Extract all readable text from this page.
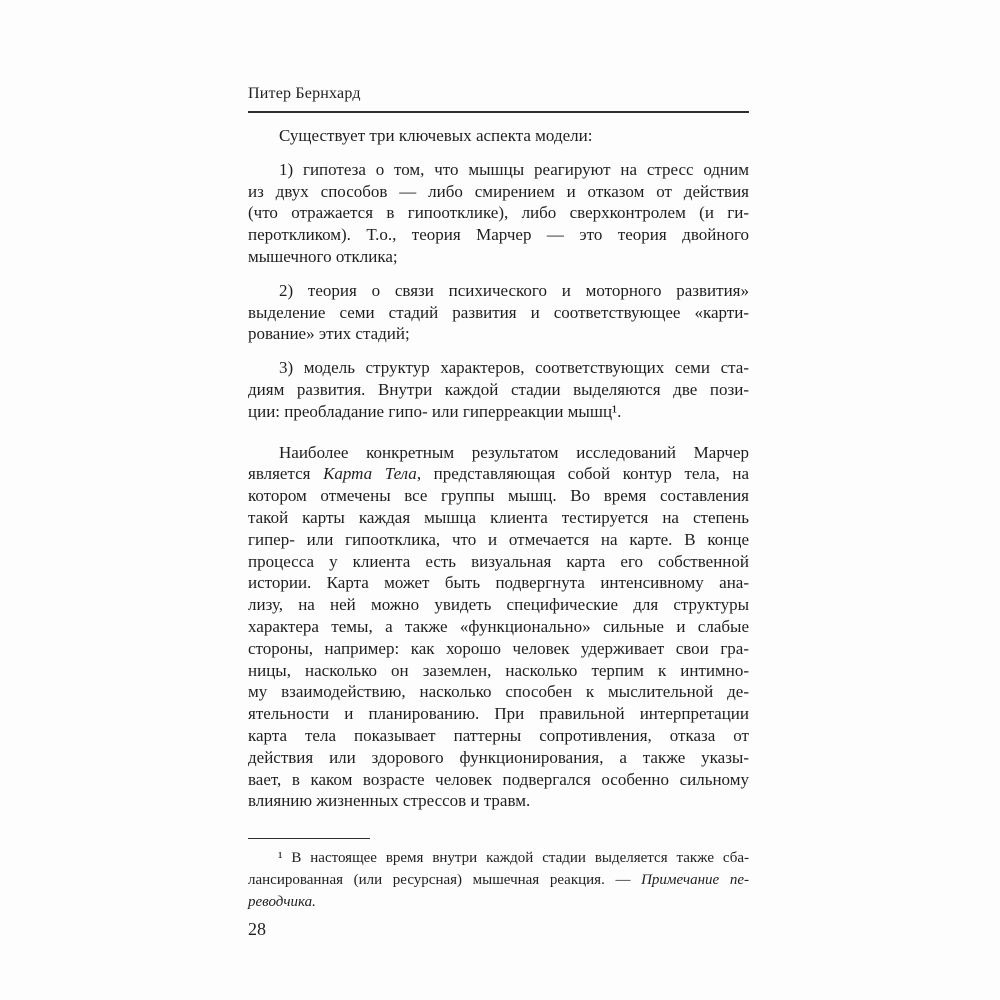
Питер Бернхард
Существует три ключевых аспекта модели:
1) гипотеза о том, что мышцы реагируют на стресс одним
из двух способов — либо смирением и отказом от действия
(что отражается в гипоотклике), либо сверхконтролем (и ги-
пероткликом). Т.о., теория Марчер — это теория двойного
мышечного отклика;
2) теория о связи психического и моторного развития»
выделение семи стадий развития и соответствующее «карти-
рование» этих стадий;
3) модель структур характеров, соответствующих семи ста-
диям развития. Внутри каждой стадии выделяются две пози-
ции: преобладание гипо- или гиперреакции мышц¹.
Наиболее конкретным результатом исследований Марчер
является Карта Тела, представляющая собой контур тела, на
котором отмечены все группы мышц. Во время составления
такой карты каждая мышца клиента тестируется на степень
гипер- или гипоотклика, что и отмечается на карте. В конце
процесса у клиента есть визуальная карта его собственной
истории. Карта может быть подвергнута интенсивному ана-
лизу, на ней можно увидеть специфические для структуры
характера темы, а также «функционально» сильные и слабые
стороны, например: как хорошо человек удерживает свои гра-
ницы, насколько он заземлен, насколько терпим к интимно-
му взаимодействию, насколько способен к мыслительной де-
ятельности и планированию. При правильной интерпретации
карта тела показывает паттерны сопротивления, отказа от
действия или здорового функционирования, а также указы-
вает, в каком возрасте человек подвергался особенно сильному
влиянию жизненных стрессов и травм.
¹ В настоящее время внутри каждой стадии выделяется также сба-
лансированная (или ресурсная) мышечная реакция. — Примечание пе-
реводчика.
28
